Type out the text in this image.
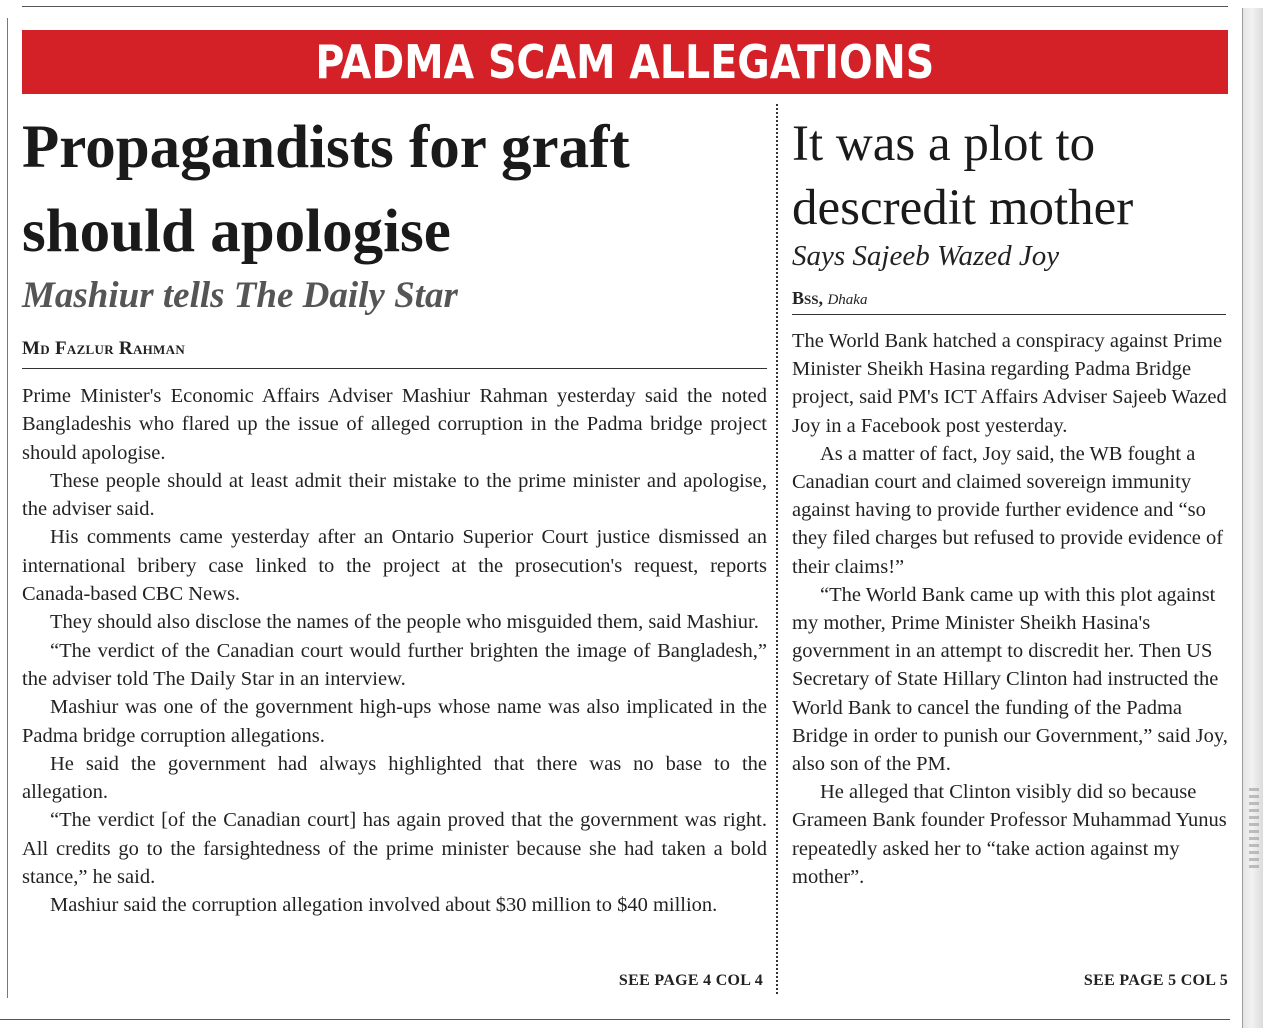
PADMA SCAM ALLEGATIONS
Propagandists for graft should apologise
Mashiur tells The Daily Star
Md Fazlur Rahman

Prime Minister's Economic Affairs Adviser Mashiur Rahman yesterday said the noted Bangladeshis who flared up the issue of alleged corruption in the Padma bridge project should apologise.

These people should at least admit their mistake to the prime minister and apologise, the adviser said.

His comments came yesterday after an Ontario Superior Court justice dismissed an international bribery case linked to the project at the prosecution's request, reports Canada-based CBC News.

They should also disclose the names of the people who misguided them, said Mashiur.

“The verdict of the Canadian court would further brighten the image of Bangladesh,” the adviser told The Daily Star in an interview.

Mashiur was one of the government high-ups whose name was also implicated in the Padma bridge corruption allegations.

He said the government had always highlighted that there was no base to the allegation.

“The verdict [of the Canadian court] has again proved that the government was right. All credits go to the farsightedness of the prime minister because she had taken a bold stance,” he said.

Mashiur said the corruption allegation involved about $30 million to $40 million.

SEE PAGE 4 COL 4
It was a plot to descredit mother
Says Sajeeb Wazed Joy
Bss, Dhaka

The World Bank hatched a conspiracy against Prime Minister Sheikh Hasina regarding Padma Bridge project, said PM's ICT Affairs Adviser Sajeeb Wazed Joy in a Facebook post yesterday.

As a matter of fact, Joy said, the WB fought a Canadian court and claimed sovereign immunity against having to provide further evidence and “so they filed charges but refused to provide evidence of their claims!”

“The World Bank came up with this plot against my mother, Prime Minister Sheikh Hasina's government in an attempt to discredit her. Then US Secretary of State Hillary Clinton had instructed the World Bank to cancel the funding of the Padma Bridge in order to punish our Government,” said Joy, also son of the PM.

He alleged that Clinton visibly did so because Grameen Bank founder Professor Muhammad Yunus repeatedly asked her to “take action against my mother”.

SEE PAGE 5 COL 5
